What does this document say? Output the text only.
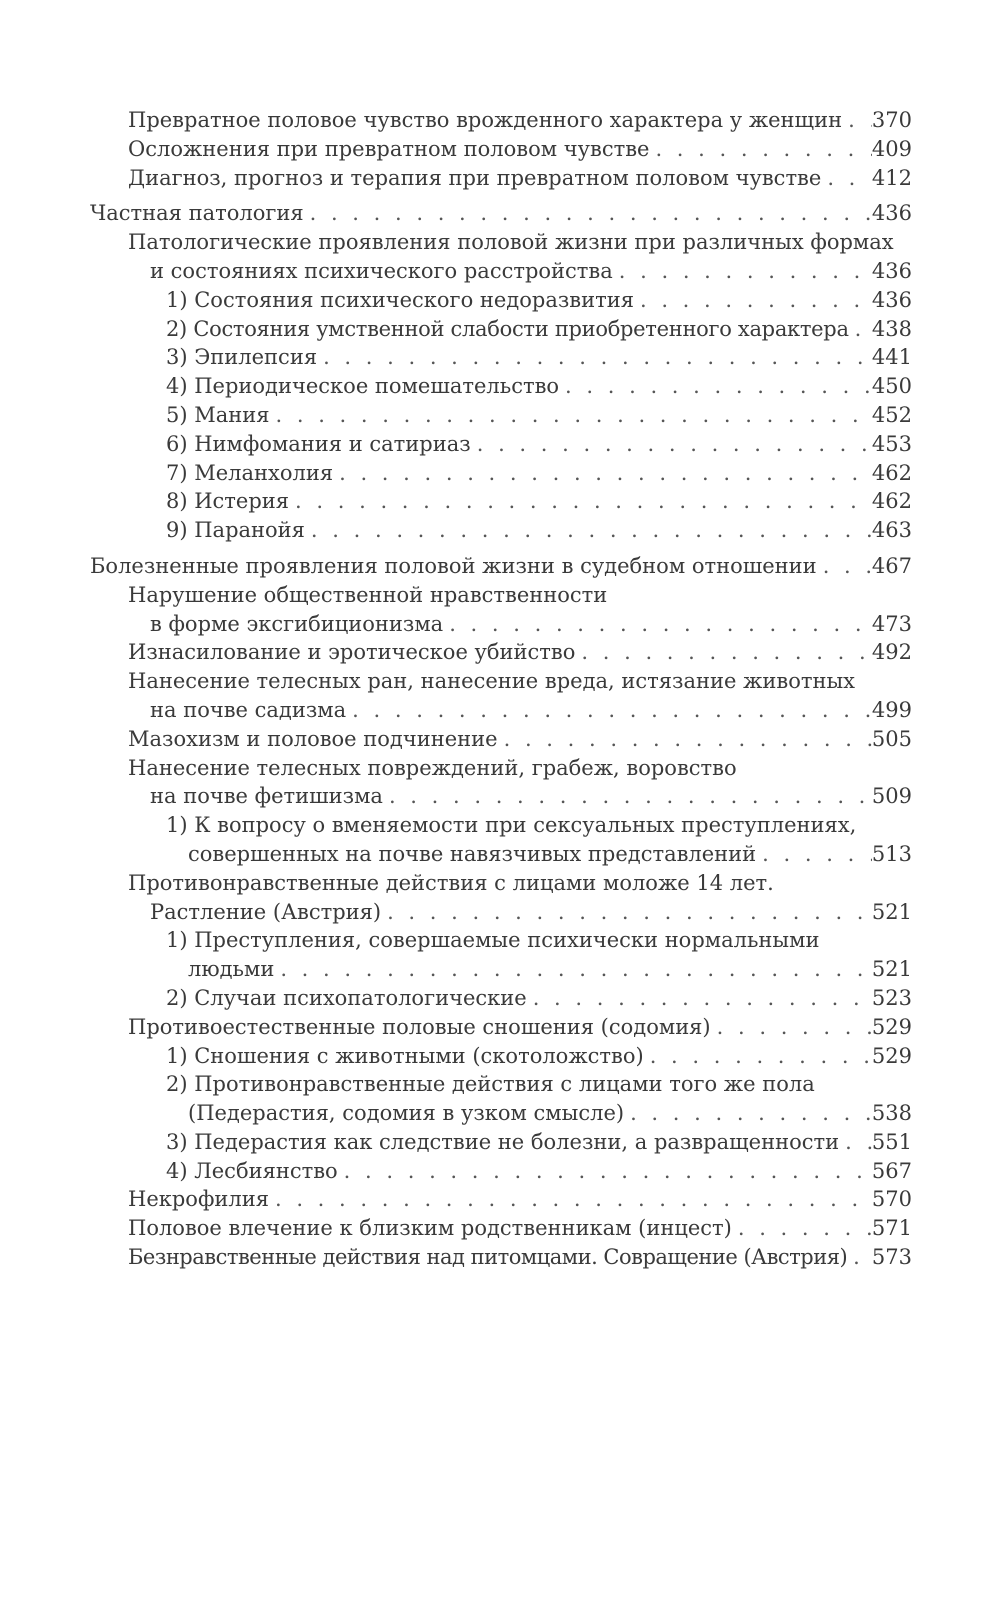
Превратное половое чувство врожденного характера у женщин . . . 370
Осложнения при превратном половом чувстве . . .	409
Диагноз, прогноз и терапия при превратном половом чувстве . . . 412
Частная патология . . .	436
Патологические проявления половой жизни при различных формах
и состояниях психического расстройства . . .	436
1) Состояния психического недоразвития . . .	436
2) Состояния умственной слабости приобретенного характера . . . 438
3) Эпилепсия . . .	441
4) Периодическое помешательство . . .	450
5) Мания . . .	452
6) Нимфомания и сатириаз . . .	453
7) Меланхолия . . .	462
8) Истерия . . .	462
9) Паранойя . . .	463
Болезненные проявления половой жизни в судебном отношении . . .	467
Нарушение общественной нравственности
в форме эксгибиционизма . . .	473
Изнасилование и эротическое убийство . . .	492
Нанесение телесных ран, нанесение вреда, истязание животных
на почве садизма . . .	499
Мазохизм и половое подчинение . . .	505
Нанесение телесных повреждений, грабеж, воровство
на почве фетишизма . . .	509
1) К вопросу о вменяемости при сексуальных преступлениях,
совершенных на почве навязчивых представлений . . .	513
Противонравственные действия с лицами моложе 14 лет.
Растление (Австрия) . . .	521
1) Преступления, совершаемые психически нормальными
людьми . . .	521
2) Случаи психопатологические . . .	523
Противоестественные половые сношения (содомия) . . .	529
1) Сношения с животными (скотоложство) . . .	529
2) Противонравственные действия с лицами того же пола
(Педерастия, содомия в узком смысле) . . .	538
3) Педерастия как следствие не болезни, а развращенности . . . 551
4) Лесбиянство . . .	567
Некрофилия . . .	570
Половое влечение к близким родственникам (инцест) . . .	571
Безнравственные действия над питомцами. Совращение (Австрия) . . . 573
